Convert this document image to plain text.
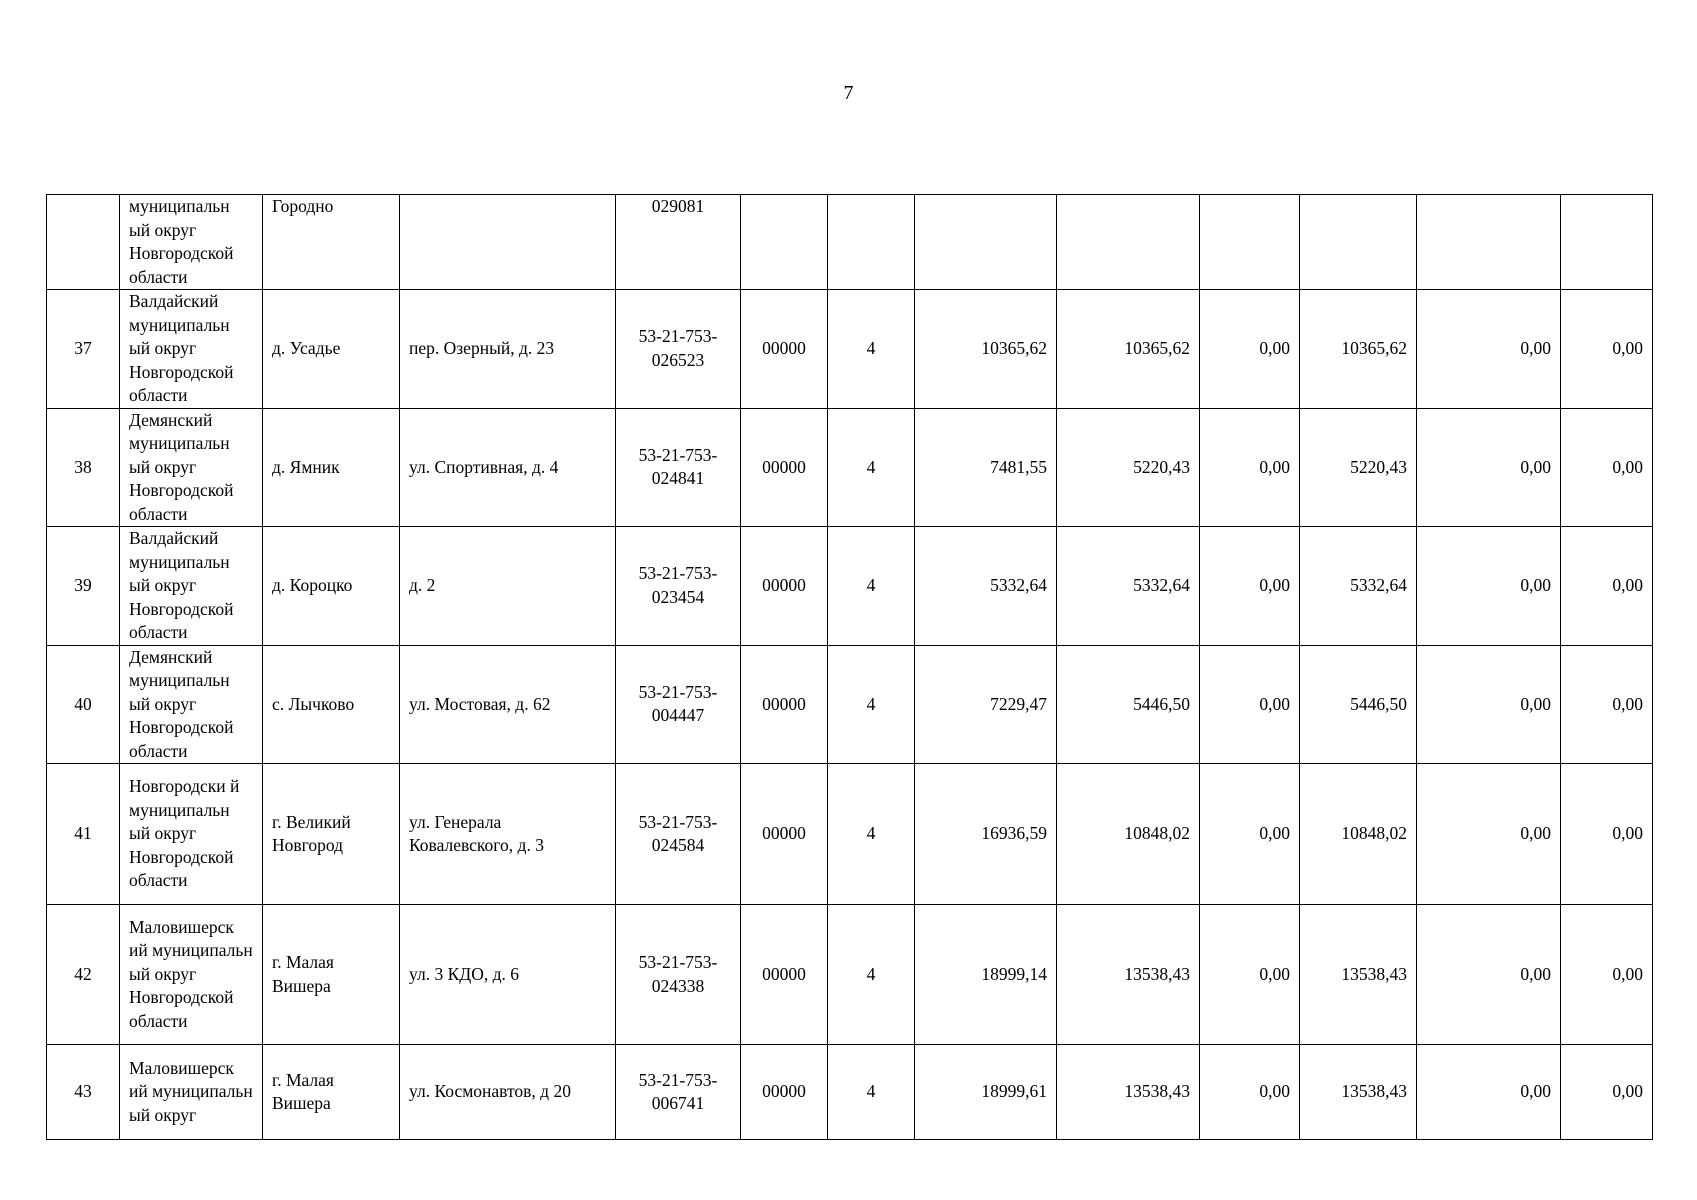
7
	муниципальн ый округ Новгородской области	Городно		029081								
37	Валдайский муниципальн ый округ Новгородской области	д. Усадье	пер. Озерный, д. 23	53-21-753- 026523	00000	4	10365,62	10365,62	0,00	10365,62	0,00	0,00
38	Демянский муниципальн ый округ Новгородской области	д. Ямник	ул. Спортивная, д. 4	53-21-753- 024841	00000	4	7481,55	5220,43	0,00	5220,43	0,00	0,00
39	Валдайский муниципальн ый округ Новгородской области	д. Короцко	д. 2	53-21-753- 023454	00000	4	5332,64	5332,64	0,00	5332,64	0,00	0,00
40	Демянский муниципальн ый округ Новгородской области	с. Лычково	ул. Мостовая, д. 62	53-21-753- 004447	00000	4	7229,47	5446,50	0,00	5446,50	0,00	0,00
41	Новгородски й муниципальн ый округ Новгородской области	г. Великий Новгород	ул. Генерала Ковалевского, д. 3	53-21-753- 024584	00000	4	16936,59	10848,02	0,00	10848,02	0,00	0,00
42	Маловишерск ий муниципальн ый округ Новгородской области	г. Малая Вишера	ул. 3 КДО, д. 6	53-21-753- 024338	00000	4	18999,14	13538,43	0,00	13538,43	0,00	0,00
43	Маловишерск ий муниципальн ый округ	г. Малая Вишера	ул. Космонавтов, д 20	53-21-753- 006741	00000	4	18999,61	13538,43	0,00	13538,43	0,00	0,00
